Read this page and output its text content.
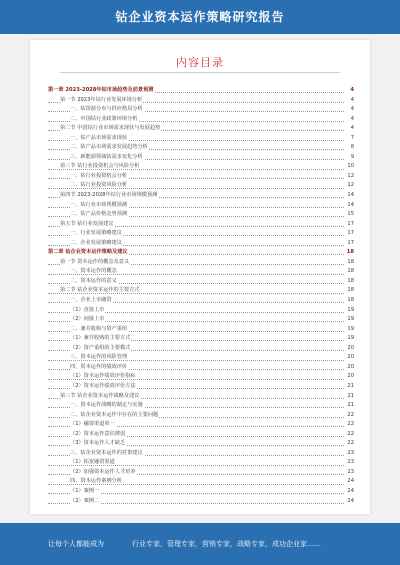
钴企业资本运作策略研究报告
内容目录
第一章 2023-2028年钴市场趋势及前景预测	4
第一节 2023年钴行业发展环境分析	4
一、钴资源分布与供应格局分析	4
二、中国钴行业政策环境分析	4
第二节 中国钴行业市场需求现状与发展趋势	4
一、钴产品市场需求现状	7
二、钴产品市场需求发展趋势分析	8
三、新能源领域钴需求变化分析	9
第三节 钴行业投资机会与风险分析	10
一、钴行业投资机会分析	12
二、钴行业投资风险分析	12
第四节 2023-2028年钴行业市场规模预测	14
一、钴行业市场规模预测	14
二、钴产品价格走势预测	15
第五节 钴行业发展建议	17
一、行业发展策略建议	17
二、企业发展策略建议	17
第二章 钴企业资本运作策略及建议	18
第一节 资本运作的概念及意义	18
一、资本运作的概念	18
二、资本运作的意义	18
第二节 钴企业资本运作的主要方式	18
一、企业上市融资	18
（1）直接上市	19
（2）间接上市	19
二、兼并收购与资产重组	19
（1）兼并收购的主要方式	19
（2）资产重组的主要模式	20
三、资本运作的风险管理	20
四、资本运作的绩效评价	20
（1）资本运作绩效评价指标	20
（2）资本运作绩效评价方法	21
第三节 钴企业资本运作战略及建议	21
一、资本运作战略的制定与实施	21
二、钴企业资本运作中存在的主要问题	22
（1）融资渠道单一	22
（2）资本运作意识薄弱	22
（3）资本运作人才缺乏	22
三、钴企业资本运作的对策建议	23
（1）拓宽融资渠道	23
（2）加强资本运作人才培养	23
四、资本运作案例分析	24
（1）案例一	24
（2）案例二	24
让每个人都能成为	行业专家，管理专家，营销专家，战略专家，成功企业家……
